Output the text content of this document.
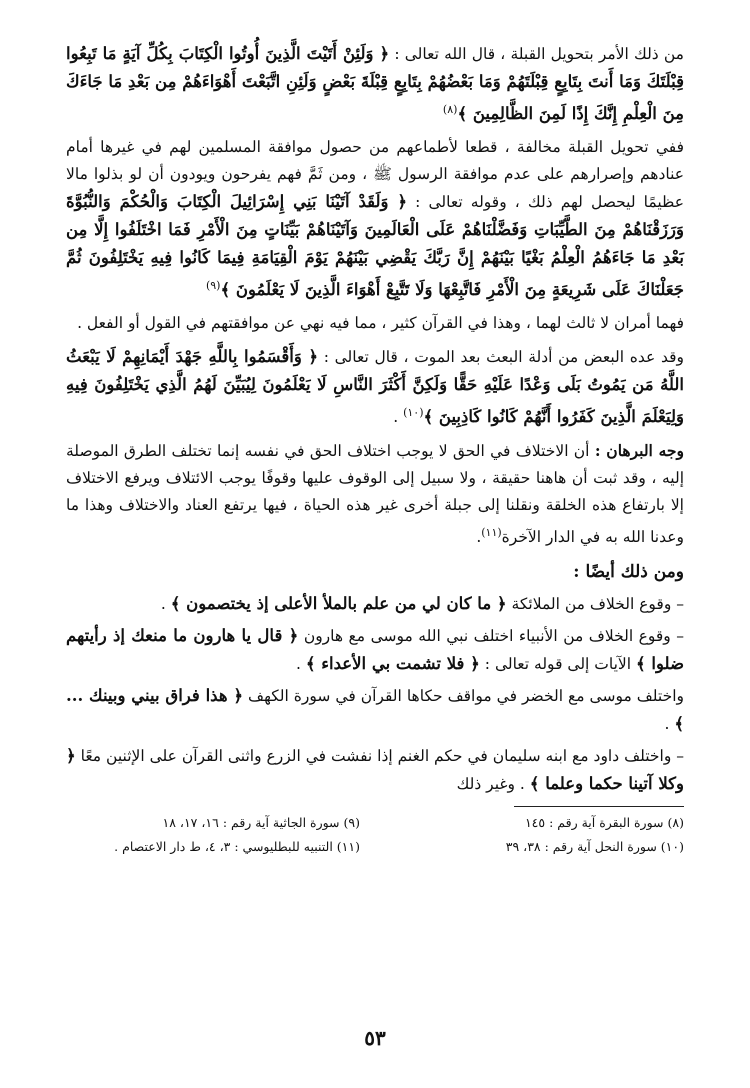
من ذلك الأمر بتحويل القبلة ، قال الله تعالى : ﴿ وَلَئِنْ أَتَيْتَ الَّذِينَ أُوتُوا الْكِتَابَ بِكُلِّ آيَةٍ مَا تَبِعُوا قِبْلَتَكَ وَمَا أَنتَ بِتَابِعٍ قِبْلَتَهُمْ وَمَا بَعْضُهُمْ بِتَابِعٍ قِبْلَةَ بَعْضٍ وَلَئِنِ اتَّبَعْتَ أَهْوَاءَهُمْ مِن بَعْدِ مَا جَاءَكَ مِنَ الْعِلْمِ إِنَّكَ إِذًا لَمِنَ الظَّالِمِينَ ﴾$^{(٨)}$
ففي تحويل القبلة مخالفة ، قطعا لأطماعهم من حصول موافقة المسلمين لهم في غيرها أمام عنادهم وإصرارهم على عدم موافقة الرسول ﷺ ، ومن ثَمَّ فهم يفرحون ويودون أن لو بذلوا مالا عظيمًا ليحصل لهم ذلك ، وقوله تعالى : ﴿ وَلَقَدْ آتَيْنَا بَنِي إِسْرَائِيلَ الْكِتَابَ وَالْحُكْمَ وَالنُّبُوَّةَ وَرَزَقْنَاهُمْ مِنَ الطَّيِّبَاتِ وَفَضَّلْنَاهُمْ عَلَى الْعَالَمِينَ وَآتَيْنَاهُمْ بَيِّنَاتٍ مِنَ الْأَمْرِ فَمَا اخْتَلَفُوا إِلَّا مِن بَعْدِ مَا جَاءَهُمُ الْعِلْمُ بَغْيًا بَيْنَهُمْ إِنَّ رَبَّكَ يَقْضِي بَيْنَهُمْ يَوْمَ الْقِيَامَةِ فِيمَا كَانُوا فِيهِ يَخْتَلِفُونَ ثُمَّ جَعَلْنَاكَ عَلَى شَرِيعَةٍ مِنَ الْأَمْرِ فَاتَّبِعْهَا وَلَا تَتَّبِعْ أَهْوَاءَ الَّذِينَ لَا يَعْلَمُونَ ﴾$^{(٩)}$
فهما أمران لا ثالث لهما ، وهذا في القرآن كثير ، مما فيه نهي عن موافقتهم في القول أو الفعل .
وقد عده البعض من أدلة البعث بعد الموت ، قال تعالى : ﴿ وَأَقْسَمُوا بِاللَّهِ جَهْدَ أَيْمَانِهِمْ لَا يَبْعَثُ اللَّهُ مَن يَمُوتُ بَلَى وَعْدًا عَلَيْهِ حَقًّا وَلَكِنَّ أَكْثَرَ النَّاسِ لَا يَعْلَمُونَ لِيُبَيِّنَ لَهُمُ الَّذِي يَخْتَلِفُونَ فِيهِ وَلِيَعْلَمَ الَّذِينَ كَفَرُوا أَنَّهُمْ كَانُوا كَاذِبِينَ ﴾$^{(١٠)}$ .
وجه البرهان : أن الاختلاف في الحق لا يوجب اختلاف الحق في نفسه إنما تختلف الطرق الموصلة إليه ، وقد ثبت أن هاهنا حقيقة ، ولا سبيل إلى الوقوف عليها وقوفًا يوجب الائتلاف ويرفع الاختلاف إلا بارتفاع هذه الخلقة ونقلنا إلى جبلة أخرى غير هذه الحياة ، فيها يرتفع العناد والاختلاف وهذا ما وعدنا الله به في الدار الآخرة$^{(١١)}$.
ومن ذلك أيضًا :
– وقوع الخلاف من الملائكة ﴿ ما كان لي من علم بالملأ الأعلى إذ يختصمون ﴾ .
– وقوع الخلاف من الأنبياء اختلف نبي الله موسى مع هارون ﴿ قال يا هارون ما منعك إذ رأيتهم ضلوا ﴾ الآيات إلى قوله تعالى : ﴿ فلا تشمت بي الأعداء ﴾ .
واختلف موسى مع الخضر في مواقف حكاها القرآن في سورة الكهف ﴿ هذا فراق بيني وبينك ... ﴾ .
– واختلف داود مع ابنه سليمان في حكم الغنم إذا نفشت في الزرع واثنى القرآن على الإثنين معًا ﴿ وكلا آتينا حكما وعلما ﴾ . وغير ذلك
(٨) سورة البقرة آية رقم : ١٤٥
(٩) سورة الجاثية آية رقم : ١٦، ١٧، ١٨
(١٠) سورة النحل آية رقم : ٣٨، ٣٩
(١١) التنبيه للبطليوسي : ٣، ٤، ط دار الاعتصام .
٥٣
